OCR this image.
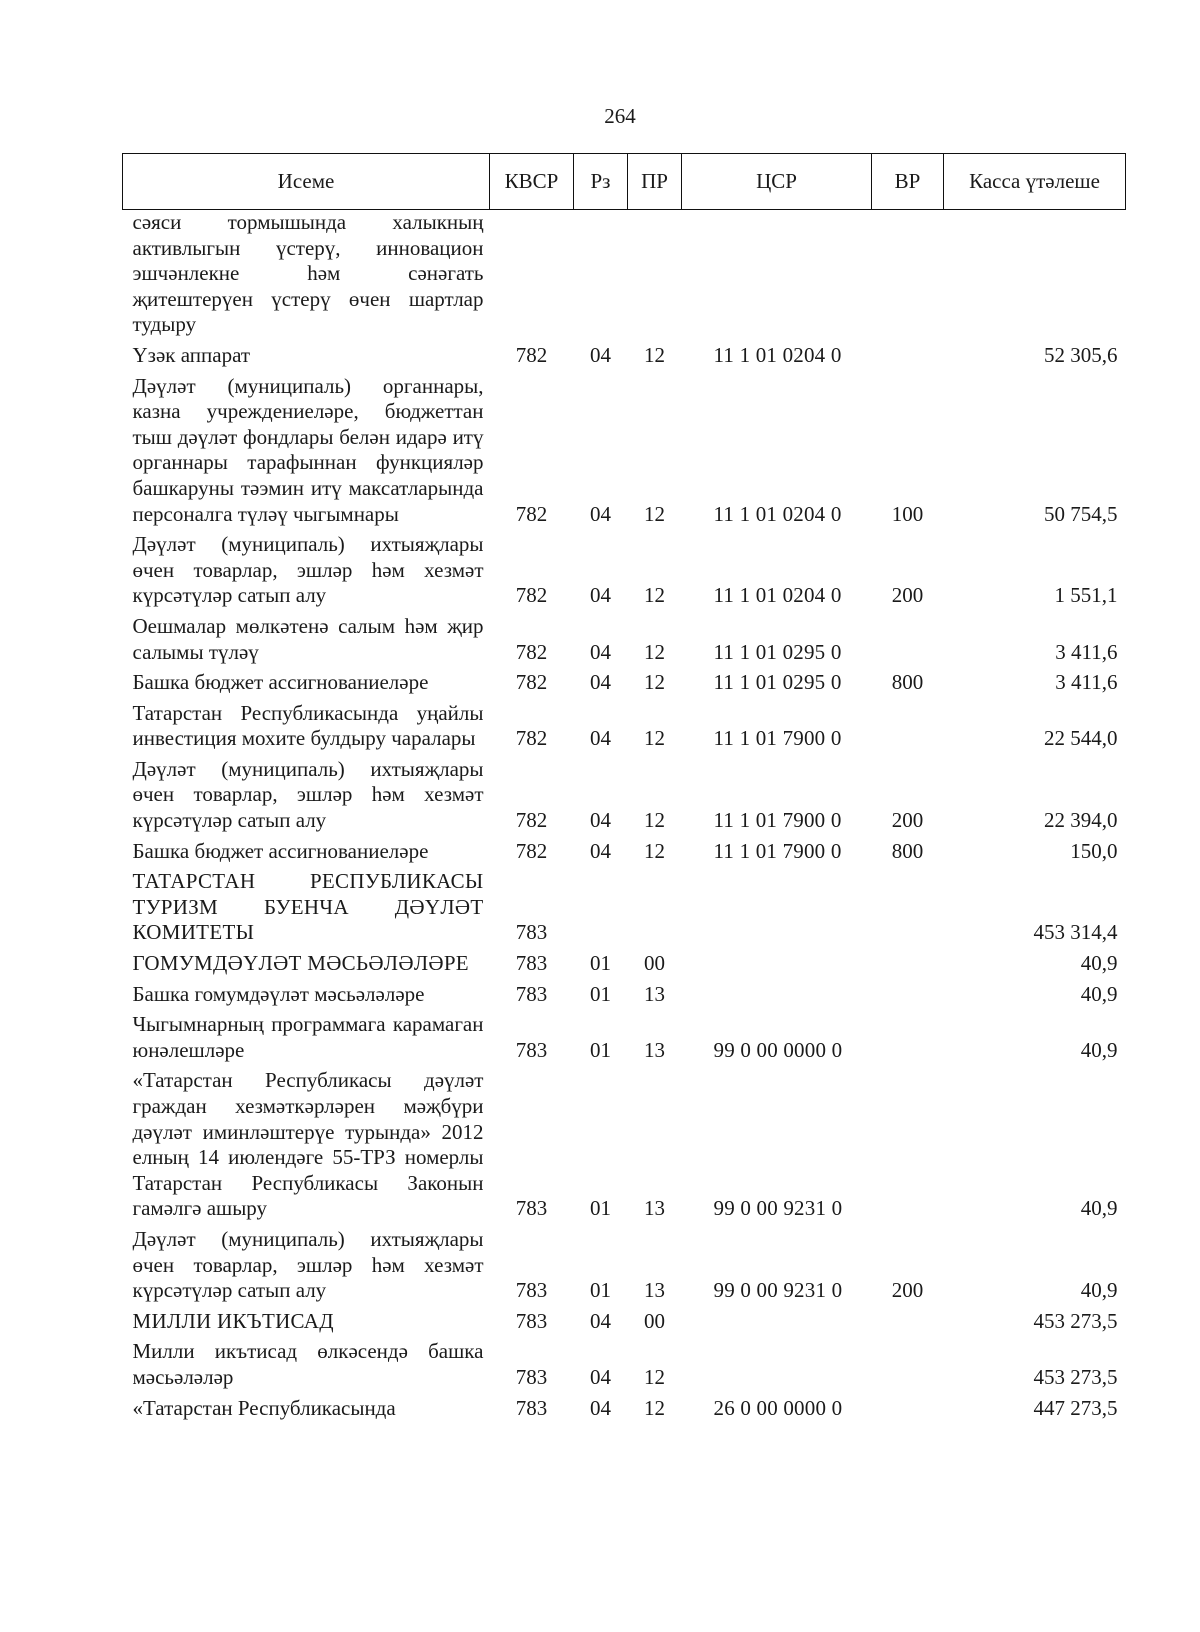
264
Исеме	КВСР	Рз	ПР	ЦСР	ВР	Касса үтәлеше
сәяси тормышында халыкның активлыгын үстерү, инновацион эшчәнлекне һәм сәнәгать җитештерүен үстерү өчен шартлар тудыру						
Үзәк аппарат	782	04	12	11 1 01 0204 0		52 305,6
Дәүләт (муниципаль) органнары, казна учреждениеләре, бюджеттан тыш дәүләт фондлары белән идарә итү органнары тарафыннан функцияләр башкаруны тәэмин итү максатларында персоналга түләү чыгымнары	782	04	12	11 1 01 0204 0	100	50 754,5
Дәүләт (муниципаль) ихтыяҗлары өчен товарлар, эшләр һәм хезмәт күрсәтүләр сатып алу	782	04	12	11 1 01 0204 0	200	1 551,1
Оешмалар мөлкәтенә салым һәм җир салымы түләү	782	04	12	11 1 01 0295 0		3 411,6
Башка бюджет ассигнованиеләре	782	04	12	11 1 01 0295 0	800	3 411,6
Татарстан Республикасында уңайлы инвестиция мохите булдыру чаралары	782	04	12	11 1 01 7900 0		22 544,0
Дәүләт (муниципаль) ихтыяҗлары өчен товарлар, эшләр һәм хезмәт күрсәтүләр сатып алу	782	04	12	11 1 01 7900 0	200	22 394,0
Башка бюджет ассигнованиеләре	782	04	12	11 1 01 7900 0	800	150,0
ТАТАРСТАН РЕСПУБЛИКАСЫ ТУРИЗМ БУЕНЧА ДӘҮЛӘТ КОМИТЕТЫ	783					453 314,4
ГОМУМДӘҮЛӘТ МӘСЬӘЛӘЛӘРЕ	783	01	00			40,9
Башка гомумдәүләт мәсьәләләре	783	01	13			40,9
Чыгымнарның программага карамаган юнәлешләре	783	01	13	99 0 00 0000 0		40,9
«Татарстан Республикасы дәүләт граждан хезмәткәрләрен мәҗбүри дәүләт иминләштерүе турында» 2012 елның 14 июлендәге 55-ТРЗ номерлы Татарстан Республикасы Законын гамәлгә ашыру	783	01	13	99 0 00 9231 0		40,9
Дәүләт (муниципаль) ихтыяҗлары өчен товарлар, эшләр һәм хезмәт күрсәтүләр сатып алу	783	01	13	99 0 00 9231 0	200	40,9
МИЛЛИ ИКЪТИСАД	783	04	00			453 273,5
Милли икътисад өлкәсендә башка мәсьәләләр	783	04	12			453 273,5
«Татарстан Республикасында	783	04	12	26 0 00 0000 0		447 273,5
